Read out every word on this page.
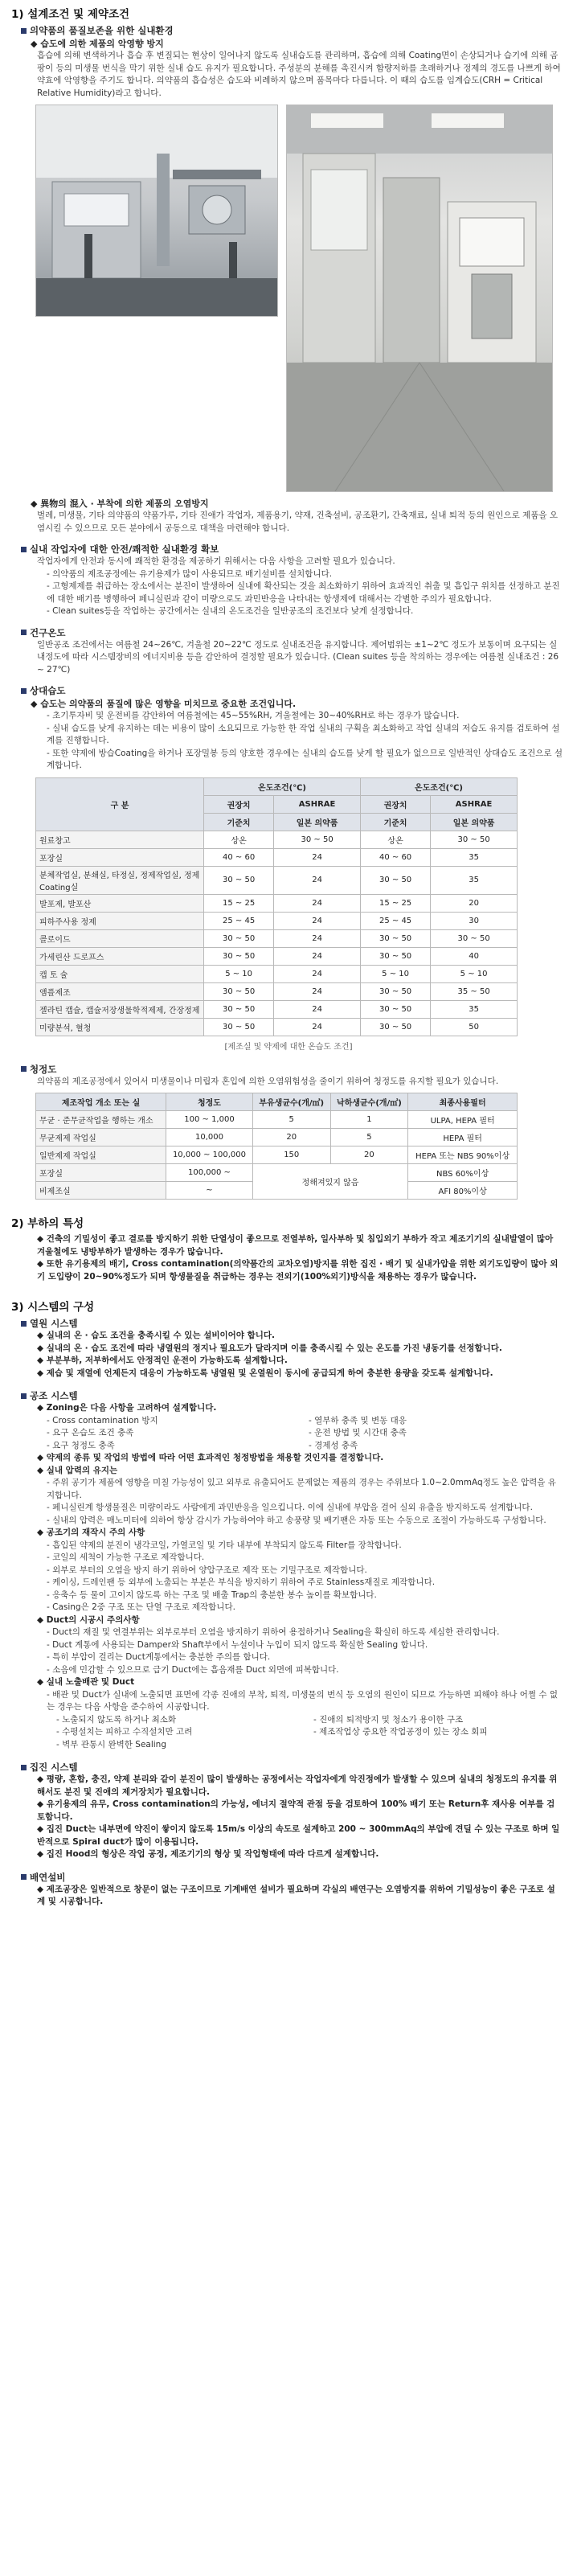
1) 설계조건 및 제약조건
의약품의 품질보존을 위한 실내환경
◆ 습도에 의한 제품의 악영향 방지

흡습에 의해 변색하거나 흡습 후 변질되는 현상이 일어나지 않도록 실내습도를 관리하며, 흡습에 의해 Coating면이 손상되거나 습기에 의해 곰팡이 등의 미생물 번식을 막기 위한 실내 습도 유지가 필요합니다. 주성분의 분해를 촉진시켜 함량저하를 초래하거나 정제의 경도를 나쁘게 하여 약효에 악영향을 주기도 합니다. 의약품의 흡습성은 습도와 비례하지 않으며 품목마다 다릅니다. 이 때의 습도를 임계습도(CRH = Critical Relative Humidity)라고 합니다.

◆ 異物의 混入 · 부착에 의한 제품의 오염방지

벌레, 미생물, 기타 의약품의 약품가루, 기타 진애가 작업자, 제품용기, 약재, 건축설비, 공조환기, 간축재료, 실내 퇴적 등의 원인으로 제품을 오염시킬 수 있으므로 모든 분야에서 공동으로 대책을 마련해야 합니다.

실내 작업자에 대한 안전/쾌적한 실내환경 확보

작업자에게 안전과 동시에 쾌적한 환경을 제공하기 위해서는 다음 사항을 고려할 필요가 있습니다.

- 의약품의 제조공정에는 유기용제가 많이 사용되므로 배기설비를 설치합니다.

- 고형제제를 취급하는 장소에서는 분진이 발생하여 실내에 확산되는 것을 최소화하기 위하여 효과적인 취출 및 흡입구 위치를 선정하고 분진에 대한 배기를 병행하여 페니실린과 같이 미량으로도 과민반응을 나타내는 항생제에 대해서는 각별한 주의가 필요합니다.

- Clean suites등을 작업하는 공간에서는 실내의 온도조건을 일반공조의 조건보다 낮게 설정합니다.

건구온도

일반공조 조건에서는 여름철 24~26℃, 겨울철 20~22℃ 정도로 실내조건을 유지합니다. 제어범위는 ±1~2℃ 정도가 보통이며 요구되는 실내정도에 따라 시스템장비의 에너지비용 등을 감안하여 결정할 필요가 있습니다. (Clean suites 등을 착의하는 경우에는 여름철 실내조건 : 26 ~ 27℃)

상대습도
◆ 습도는 의약품의 품질에 많은 영향을 미치므로 중요한 조건입니다.

- 초기투자비 및 운전비를 감안하여 여름철에는 45~55%RH, 겨울철에는 30~40%RH로 하는 경우가 많습니다.

- 실내 습도를 낮게 유지하는 데는 비용이 많이 소요되므로 가능한 한 작업 실내의 구획을 최소화하고 작업 실내의 저습도 유지를 검토하여 설계를 진행합니다.

- 또한 약제에 방습Coating을 하거나 포장밀봉 등의 양호한 경우에는 실내의 습도를 낮게 할 필요가 없으므로 일반적인 상대습도 조건으로 설계합니다.

구 분	온도조건(℃)		온도조건(℃)	
	권장치	ASHRAE	권장치	ASHRAE
	기준치	일본 의약품	기준치	일본 의약품
원료창고	상온	30 ~ 50	상온	30 ~ 50
포장실	40 ~ 60	24	40 ~ 60	35
분체작업실, 분쇄실, 타정실, 정제작업실, 정제 Coating실	30 ~ 50	24	30 ~ 50	35
발포제, 발포산	15 ~ 25	24	15 ~ 25	20
피하주사용 정제	25 ~ 45	24	25 ~ 45	30
콜로이드	30 ~ 50	24	30 ~ 50	30 ~ 50
가세린산 드로프스	30 ~ 50	24	30 ~ 50	40
캡 토 슐	5 ~ 10	24	5 ~ 10	5 ~ 10
앰플제조	30 ~ 50	24	30 ~ 50	35 ~ 50
젤라틴 캡슐, 캡슐저장생물학적제제, 간장정제	30 ~ 50	24	30 ~ 50	35
미량분석, 혈청	30 ~ 50	24	30 ~ 50	50
[제조실 및 약제에 대한 온습도 조건]
청정도

의약품의 제조공정에서 있어서 미생물이나 미립자 혼입에 의한 오염위험성을 줄이기 위하여 청정도를 유지할 필요가 있습니다.

제조작업 개소 또는 실	청정도	부유생균수(개/㎥)	낙하생균수(개/㎡)	최종사용필터
무균 · 준무균작업을 행하는 개소	100 ~ 1,000	5	1	ULPA, HEPA 필터
무균제제 작업실	10,000	20	5	HEPA 필터
일반제제 작업실	10,000 ~ 100,000	150	20	HEPA 또는 NBS 90%이상
포장실	100,000 ~	정해져있지 않음		NBS 60%이상
비제조실	~			AFI 80%이상
2) 부하의 특성

◆ 건축의 기밀성이 좋고 결로를 방지하기 위한 단열성이 좋으므로 전열부하, 일사부하 및 침입외기 부하가 작고 제조기기의 실내발열이 많아 겨울철에도 냉방부하가 발생하는 경우가 많습니다.

◆ 또한 유기용제의 배기, Cross contamination(의약품간의 교차오염)방지를 위한 집진 · 배기 및 실내가압을 위한 외기도입량이 많아 외기 도입량이 20~90%정도가 되며 항생물질을 취급하는 경우는 전외기(100%외기)방식을 채용하는 경우가 많습니다.

3) 시스템의 구성
열원 시스템

◆ 실내의 온 · 습도 조건을 충족시킬 수 있는 설비이어야 합니다.

◆ 실내의 온 · 습도 조건에 따라 냉열원의 정지나 필요도가 달라지며 이를 충족시킬 수 있는 온도를 가진 냉동기를 선정합니다.

◆ 부분부하, 저부하에서도 안정적인 운전이 가능하도록 설계합니다.

◆ 제습 및 재열에 언제든지 대응이 가능하도록 냉열원 및 온열원이 동시에 공급되게 하여 충분한 용량을 갖도록 설계합니다.

공조 시스템

◆ Zoning은 다음 사항을 고려하여 설계합니다.

- Cross contamination 방지
- 요구 온습도 조건 충족
- 요구 청정도 충족
- 열부하 충족 및 변동 대응
- 운전 방법 및 시간대 충족
- 경제성 충족

◆ 약제의 종류 및 작업의 방법에 따라 어떤 효과적인 청정방법을 채용할 것인지를 결정합니다.

◆ 실내 압력의 유지는

- 주위 공기가 제품에 영향을 미칠 가능성이 있고 외부로 유출되어도 문제없는 제품의 경우는 주위보다 1.0~2.0mmAq정도 높은 압력을 유지합니다.

- 페니실린계 항생물질은 미량이라도 사람에게 과민반응을 일으킵니다. 이에 실내에 부압을 걸어 실외 유출을 방지하도록 설계합니다.

- 실내의 압력은 매노미터에 의하여 항상 감시가 가능하여야 하고 송풍량 및 배기팬은 자동 또는 수동으로 조절이 가능하도록 구성합니다.

◆ 공조기의 재작시 주의 사항

- 흡입된 약제의 분진이 냉각코일, 가열코일 및 기타 내부에 부착되지 않도록 Filter를 장착합니다.

- 코일의 세척이 가능한 구조로 제작합니다.

- 외부로 부터의 오염을 방지 하기 위하여 양압구조로 제작 또는 기밀구조로 제작합니다.

- 케이싱, 드레인팬 등 외부에 노출되는 부분은 부식을 방지하기 위하여 주로 Stainless재질로 제작합니다.

- 응축수 등 물이 고이지 않도록 하는 구조 및 배출 Trap의 충분한 봉수 높이를 확보합니다.

- Casing은 2중 구조 또는 단열 구조로 제작합니다.

◆ Duct의 시공시 주의사항

- Duct의 재질 및 연결부위는 외부로부터 오염을 방지하기 위하여 용접하거나 Sealing을 확실히 하도록 세심한 관리합니다.

- Duct 계통에 사용되는 Damper와 Shaft부에서 누설이나 누입이 되지 않도록 확실한 Sealing 합니다.

- 특히 부압이 걸리는 Duct계통에서는 충분한 주의를 합니다.

- 소음에 민감할 수 있으므로 급기 Duct에는 흡음재를 Duct 외면에 피복합니다.

◆ 실내 노출배관 및 Duct

- 배관 및 Duct가 실내에 노출되면 표면에 각종 진애의 부착, 퇴적, 미생물의 번식 등 오염의 원인이 되므로 가능하면 피해야 하나 어쩔 수 없는 경우는 다음 사항을 준수하여 시공합니다.

- 노출되지 않도록 하거나 최소화
- 수평설치는 피하고 수직설치만 고려
- 벽부 관통시 완벽한 Sealing
- 진애의 퇴적방지 및 청소가 용이한 구조
- 제조작업상 중요한 작업공정이 있는 장소 회피
집진 시스템

◆ 평량, 혼합, 충진, 약제 분리와 같이 분진이 많이 발생하는 공정에서는 작업자에게 악진정에가 발생할 수 있으며 실내의 청정도의 유지를 위해서도 분진 및 진애의 제거장치가 필요합니다.

◆ 유기용제의 유무, Cross contamination의 가능성, 에너지 절약적 관점 등을 검토하여 100% 배기 또는 Return후 재사용 여부를 검토합니다.

◆ 집진 Duct는 내부면에 약진이 쌓이지 않도록 15m/s 이상의 속도로 설계하고 200 ~ 300mmAq의 부압에 견딜 수 있는 구조로 하며 일반적으로 Spiral duct가 많이 이용됩니다.

◆ 집진 Hood의 형상은 작업 공정, 제조기기의 형상 및 작업형태에 따라 다르게 설계합니다.

배연설비

◆ 제조공장은 일반적으로 창문이 없는 구조이므로 기계배연 설비가 필요하며 각실의 배연구는 오염방지를 위하여 기밀성능이 좋은 구조로 설계 및 시공합니다.
